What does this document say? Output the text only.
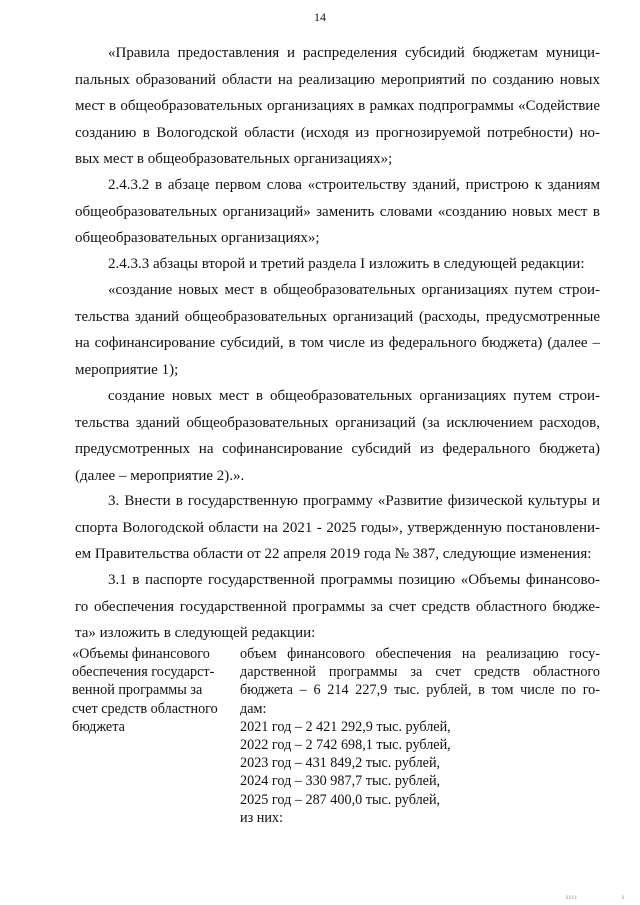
14
«Правила предоставления и распределения субсидий бюджетам муници-
пальных образований области на реализацию мероприятий по созданию новых
мест в общеобразовательных организациях в рамках подпрограммы «Содействие
созданию в Вологодской области (исходя из прогнозируемой потребности) но-
вых мест в общеобразовательных организациях»;
2.4.3.2 в абзаце первом слова «строительству зданий, пристрою к зданиям
общеобразовательных организаций» заменить словами «созданию новых мест в
общеобразовательных организациях»;
2.4.3.3 абзацы второй и третий раздела I изложить в следующей редакции:
«создание новых мест в общеобразовательных организациях путем строи-
тельства зданий общеобразовательных организаций (расходы, предусмотренные
на софинансирование субсидий, в том числе из федерального бюджета) (далее –
мероприятие 1);
создание новых мест в общеобразовательных организациях путем строи-
тельства зданий общеобразовательных организаций (за исключением расходов,
предусмотренных на софинансирование субсидий из федерального бюджета)
(далее – мероприятие 2).».
3. Внести в государственную программу «Развитие физической культуры и
спорта Вологодской области на 2021 - 2025 годы», утвержденную постановлени-
ем Правительства области от 22 апреля 2019 года № 387, следующие изменения:
3.1 в паспорте государственной программы позицию «Объемы финансово-
го обеспечения государственной программы за счет средств областного бюдже-
та» изложить в следующей редакции:
«Объемы финансового
обеспечения государст-
венной программы за
счет средств областного
бюджета
объем финансового обеспечения на реализацию госу-
дарственной программы за счет средств областного
бюджета – 6 214 227,9 тыс. рублей, в том числе по го-
дам:
2021 год – 2 421 292,9 тыс. рублей,
2022 год – 2 742 698,1 тыс. рублей,
2023 год – 431 849,2 тыс. рублей,
2024 год – 330 987,7 тыс. рублей,
2025 год – 287 400,0 тыс. рублей,
из них:
ıııı	ı
